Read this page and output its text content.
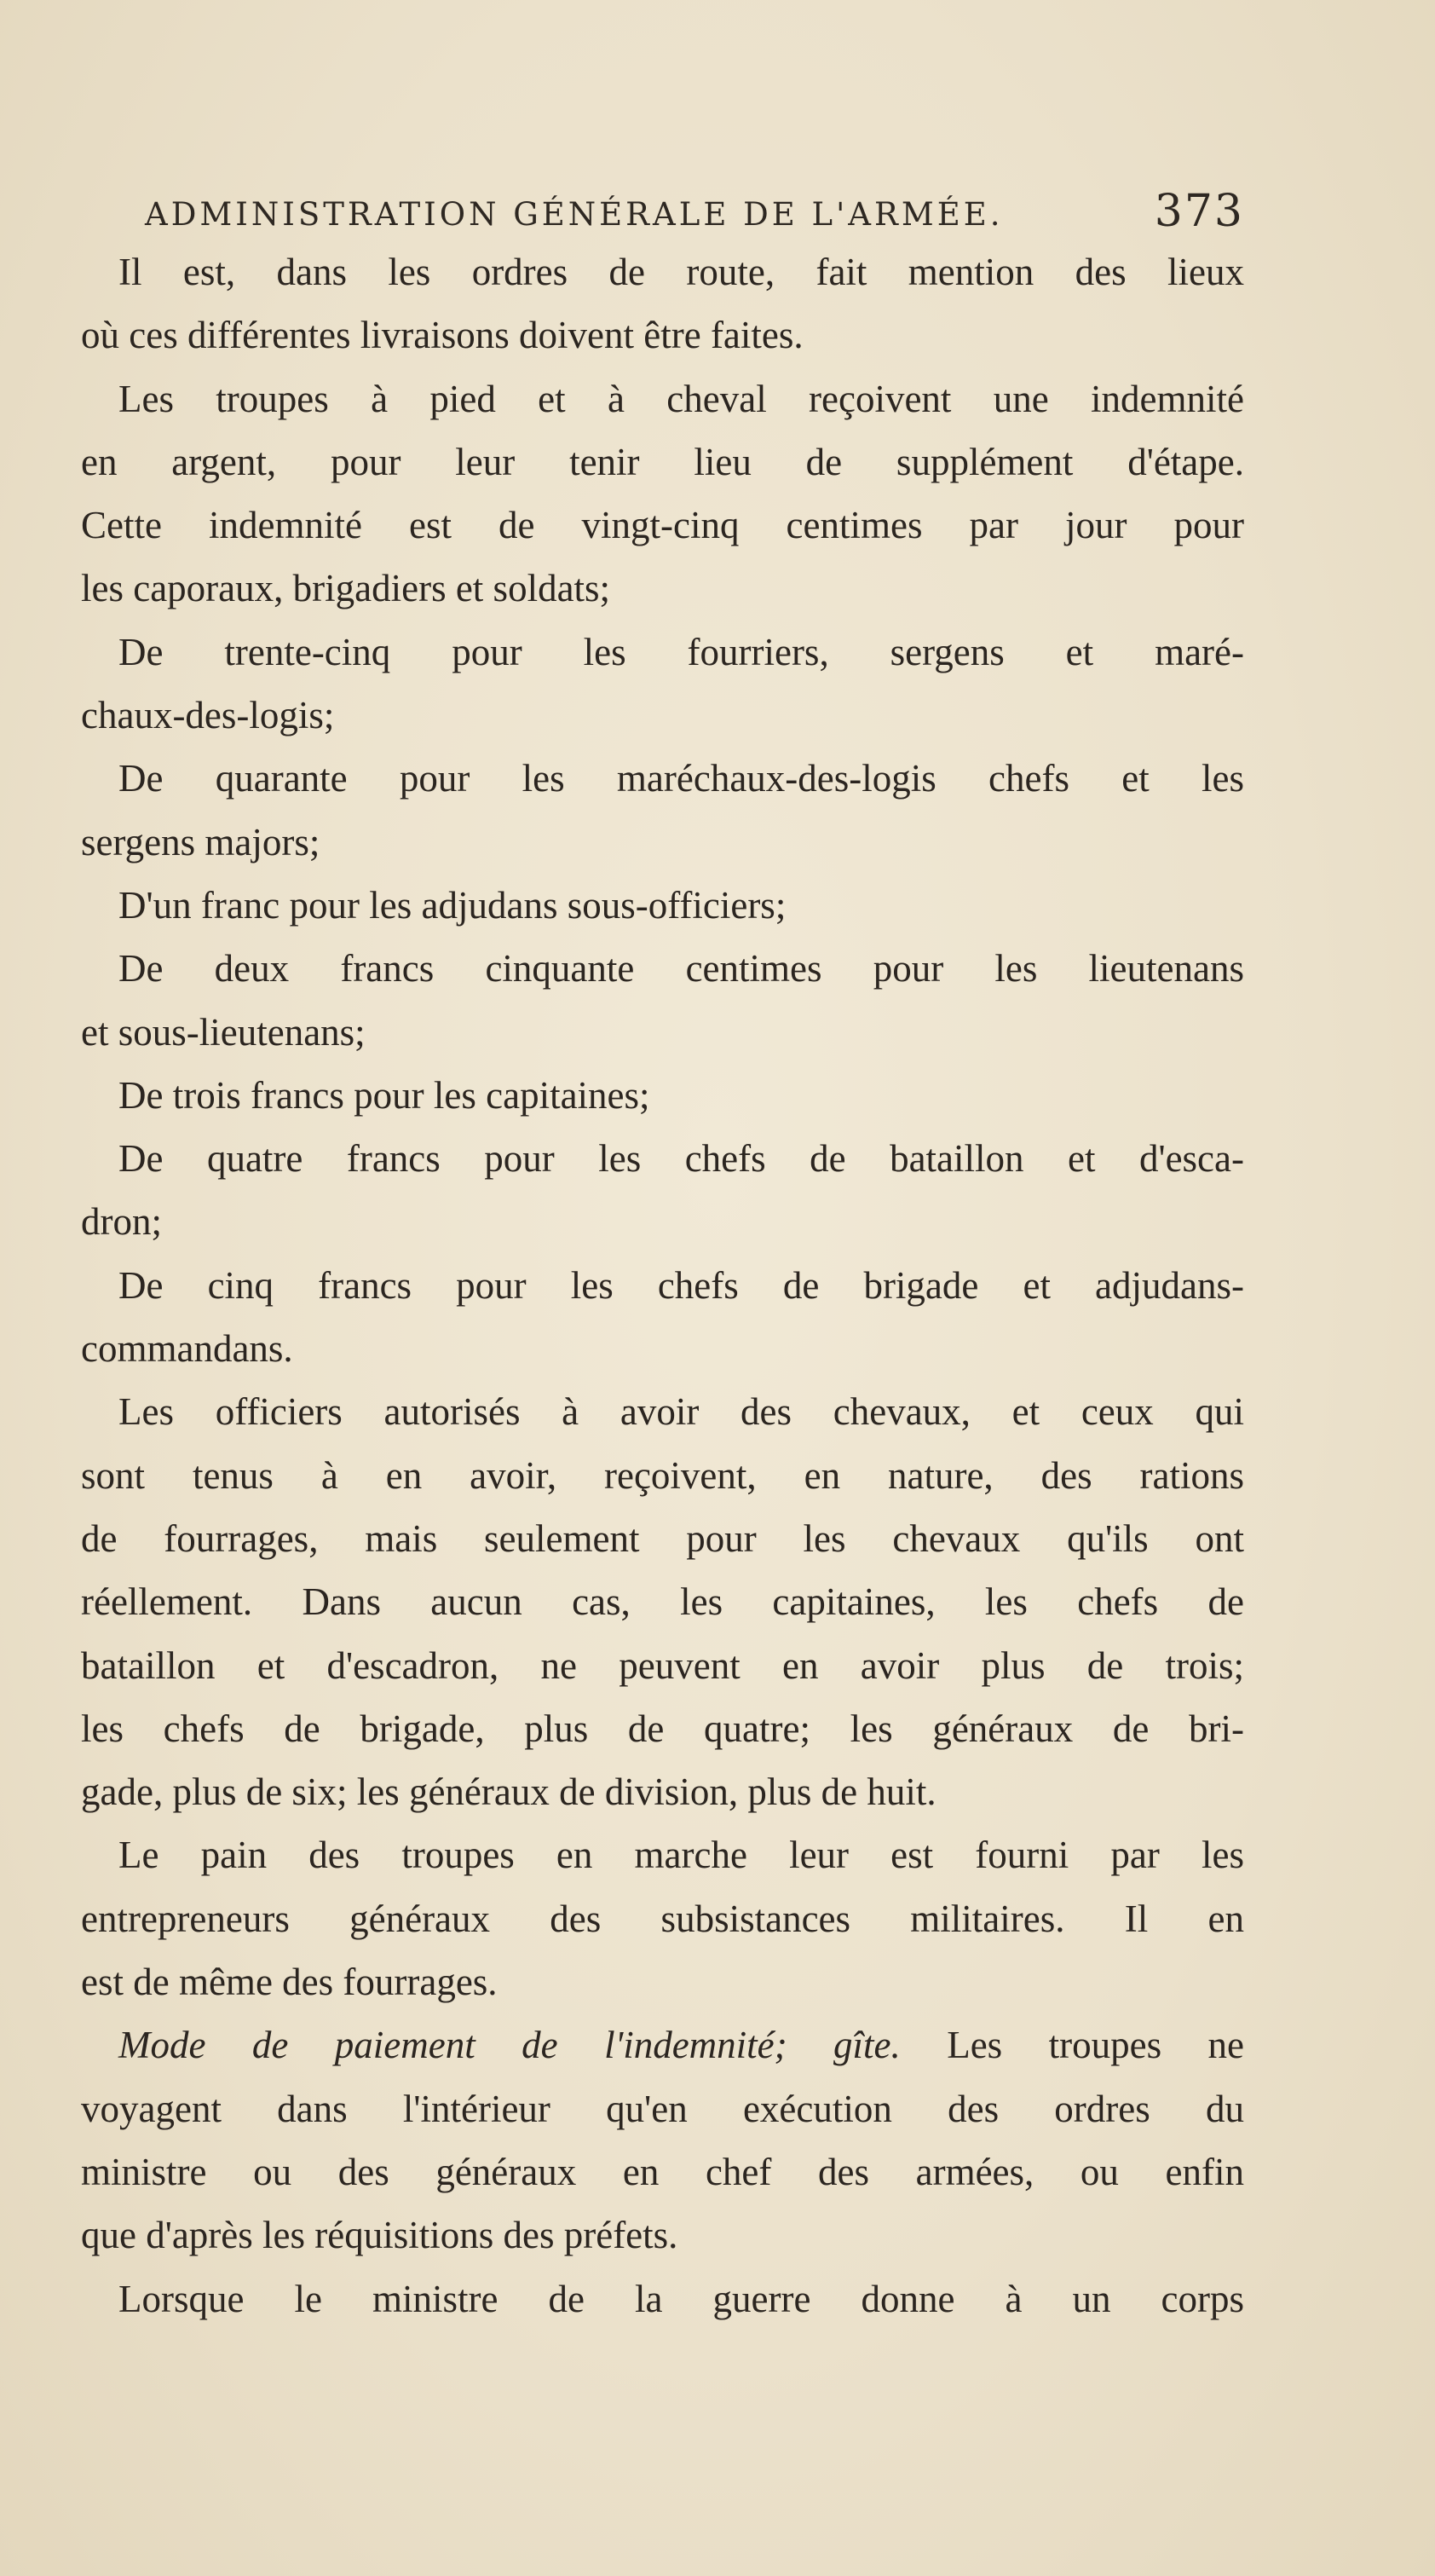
ADMINISTRATION GÉNÉRALE DE L'ARMÉE.	373
Il est, dans les ordres de route, fait mention des lieux
où ces différentes livraisons doivent être faites.
Les troupes à pied et à cheval reçoivent une indemnité
en argent, pour leur tenir lieu de supplément d'étape.
Cette indemnité est de vingt-cinq centimes par jour pour
les caporaux, brigadiers et soldats;
De trente-cinq pour les fourriers, sergens et maré-
chaux-des-logis;
De quarante pour les maréchaux-des-logis chefs et les
sergens majors;
D'un franc pour les adjudans sous-officiers;
De deux francs cinquante centimes pour les lieutenans
et sous-lieutenans;
De trois francs pour les capitaines;
De quatre francs pour les chefs de bataillon et d'esca-
dron;
De cinq francs pour les chefs de brigade et adjudans-
commandans.
Les officiers autorisés à avoir des chevaux, et ceux qui
sont tenus à en avoir, reçoivent, en nature, des rations
de fourrages, mais seulement pour les chevaux qu'ils ont
réellement. Dans aucun cas, les capitaines, les chefs de
bataillon et d'escadron, ne peuvent en avoir plus de trois;
les chefs de brigade, plus de quatre; les généraux de bri-
gade, plus de six; les généraux de division, plus de huit.
Le pain des troupes en marche leur est fourni par les
entrepreneurs généraux des subsistances militaires. Il en
est de même des fourrages.
Mode de paiement de l'indemnité; gîte. Les troupes ne
voyagent dans l'intérieur qu'en exécution des ordres du
ministre ou des généraux en chef des armées, ou enfin
que d'après les réquisitions des préfets.
Lorsque le ministre de la guerre donne à un corps
